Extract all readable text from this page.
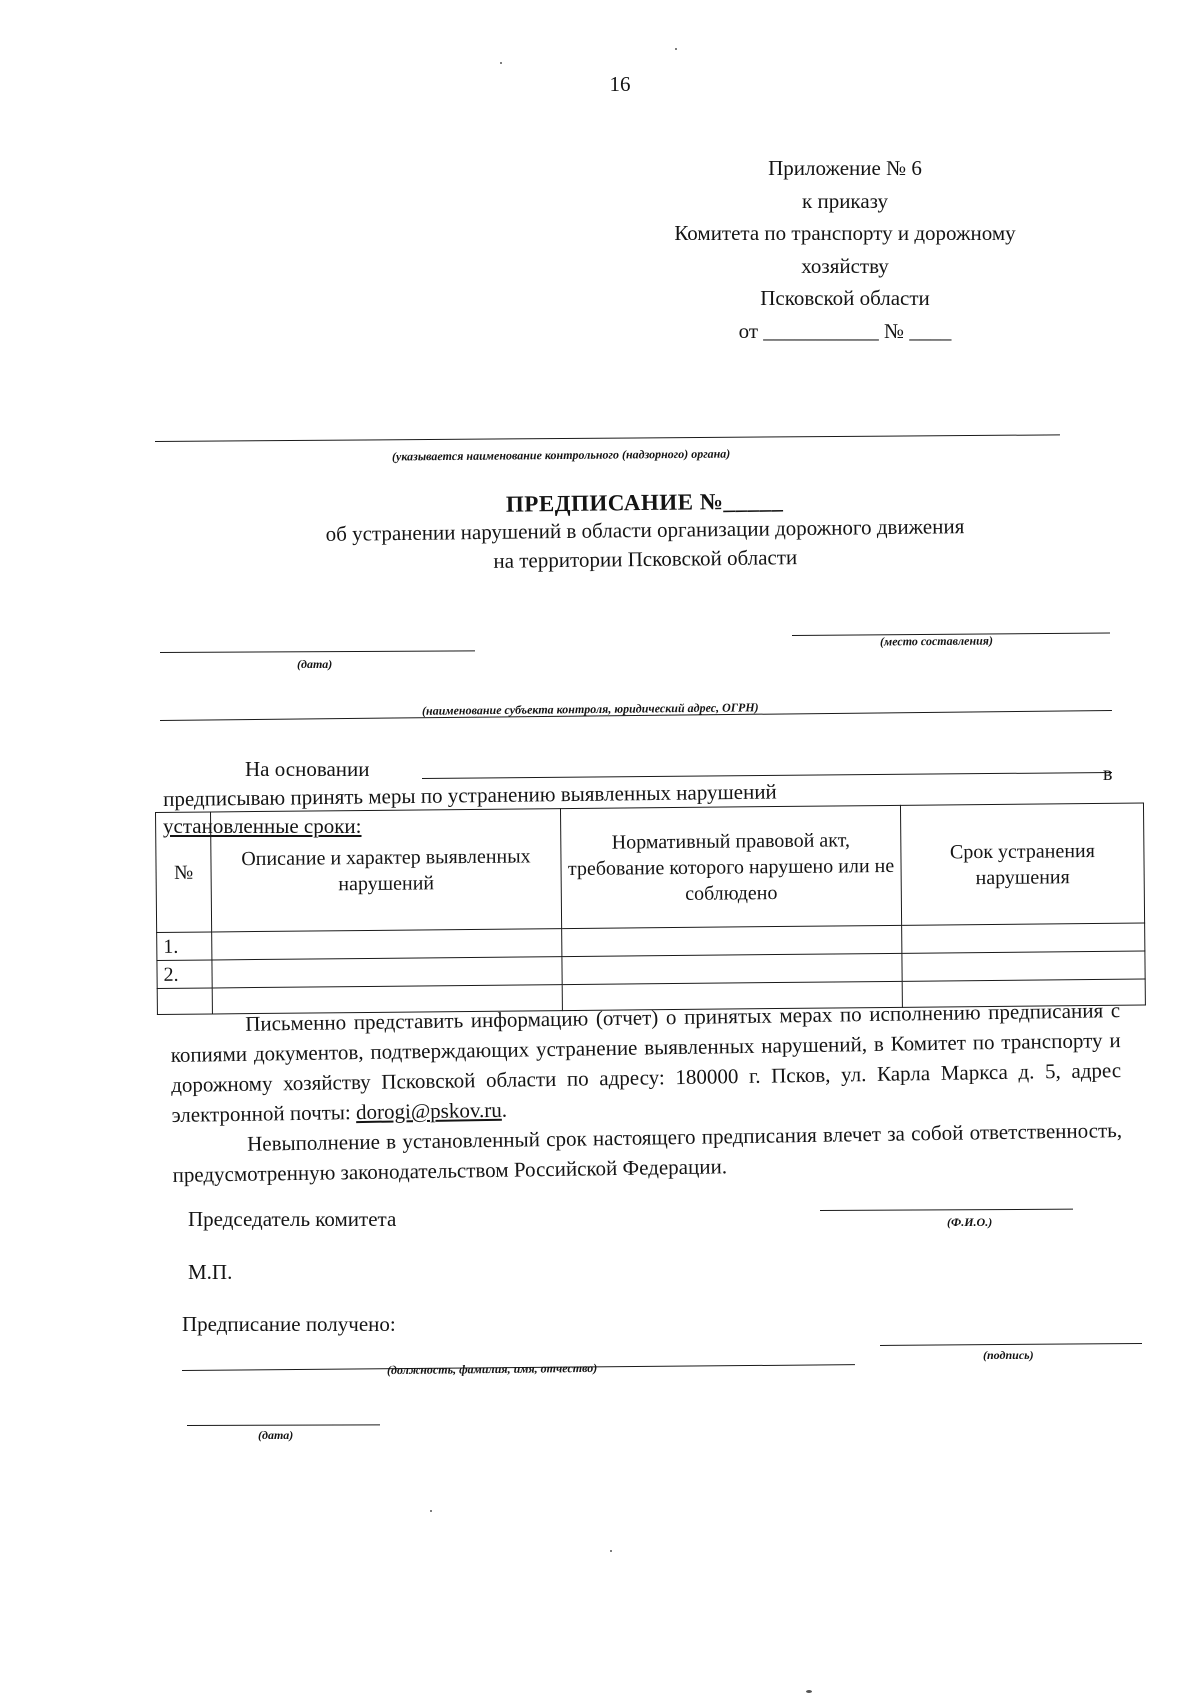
16
Приложение № 6
к приказу
Комитета по транспорту и дорожному
хозяйству
Псковской области
от ___________ № ____
(указывается наименование контрольного (надзорного) органа)
ПРЕДПИСАНИЕ №_____
об устранении нарушений в области организации дорожного движения
на территории Псковской области
(дата)
(место составления)
(наименование субъекта контроля, юридический адрес, ОГРН)
На основании	в
предписываю принять меры по устранению выявленных нарушений
установленные сроки:
№	Описание и характер выявленных нарушений	Нормативный правовой акт, требование которого нарушено или не соблюдено	Срок устранения нарушения
1.			
2.			

Письменно представить информацию (отчет) о принятых мерах по исполнению предписания с копиями документов, подтверждающих устранение выявленных нарушений, в Комитет по транспорту и дорожному хозяйству Псковской области по адресу: 180000 г. Псков, ул. Карла Маркса д. 5, адрес электронной почты: dorogi@pskov.ru.

Невыполнение в установленный срок настоящего предписания влечет за собой ответственность, предусмотренную законодательством Российской Федерации.

Председатель комитета	(Ф.И.О.)
М.П.
Предписание получено:
(должность, фамилия, имя, отчество)
(подпись)
(дата)
